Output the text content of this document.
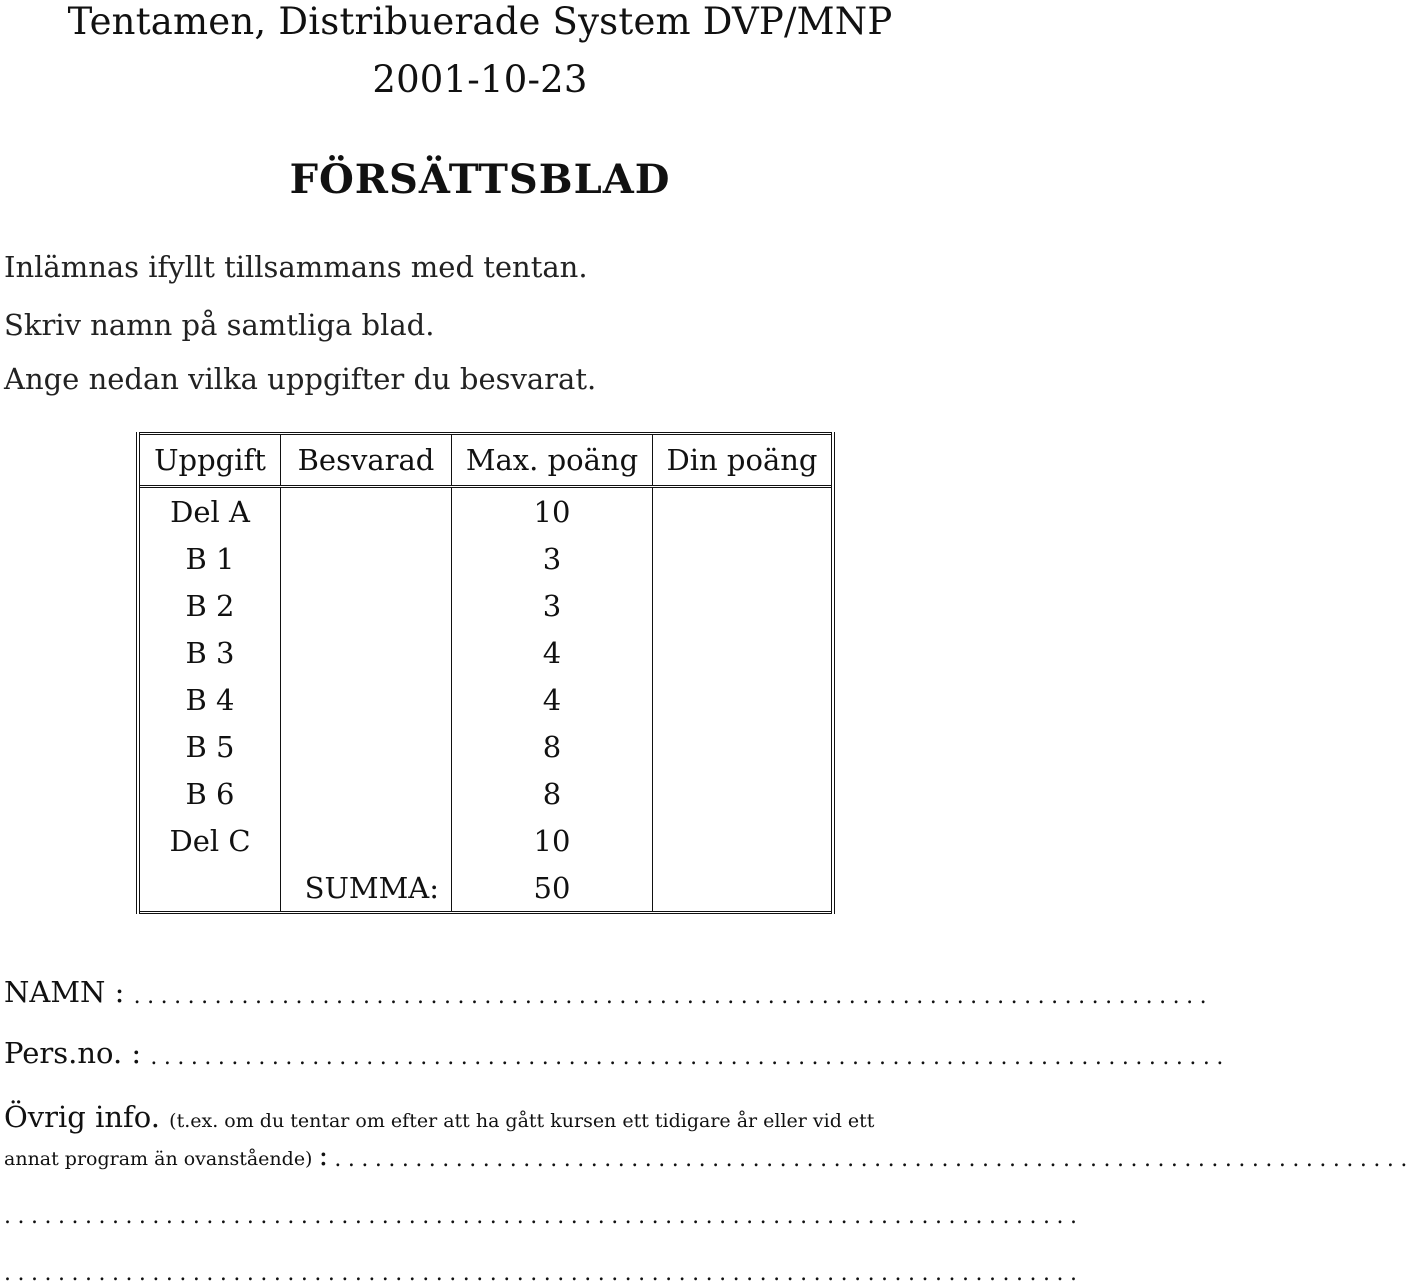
Tentamen, Distribuerade System DVP/MNP
2001-10-23
FÖRSÄTTSBLAD
Inlämnas ifyllt tillsammans med tentan.
Skriv namn på samtliga blad.
Ange nedan vilka uppgifter du besvarat.
Uppgift	Besvarad	Max. poäng	Din poäng
Del A		10	
B 1		3	
B 2		3	
B 3		4	
B 4		4	
B 5		8	
B 6		8	
Del C		10	
	SUMMA:	50	
NAMN : ................................................................................
Pers.no. : ................................................................................
Övrig info. (t.ex. om du tentar om efter att ha gått kursen ett tidigare år eller vid ett
annat program än ovanstående) : ................................................................................
................................................................................
................................................................................
